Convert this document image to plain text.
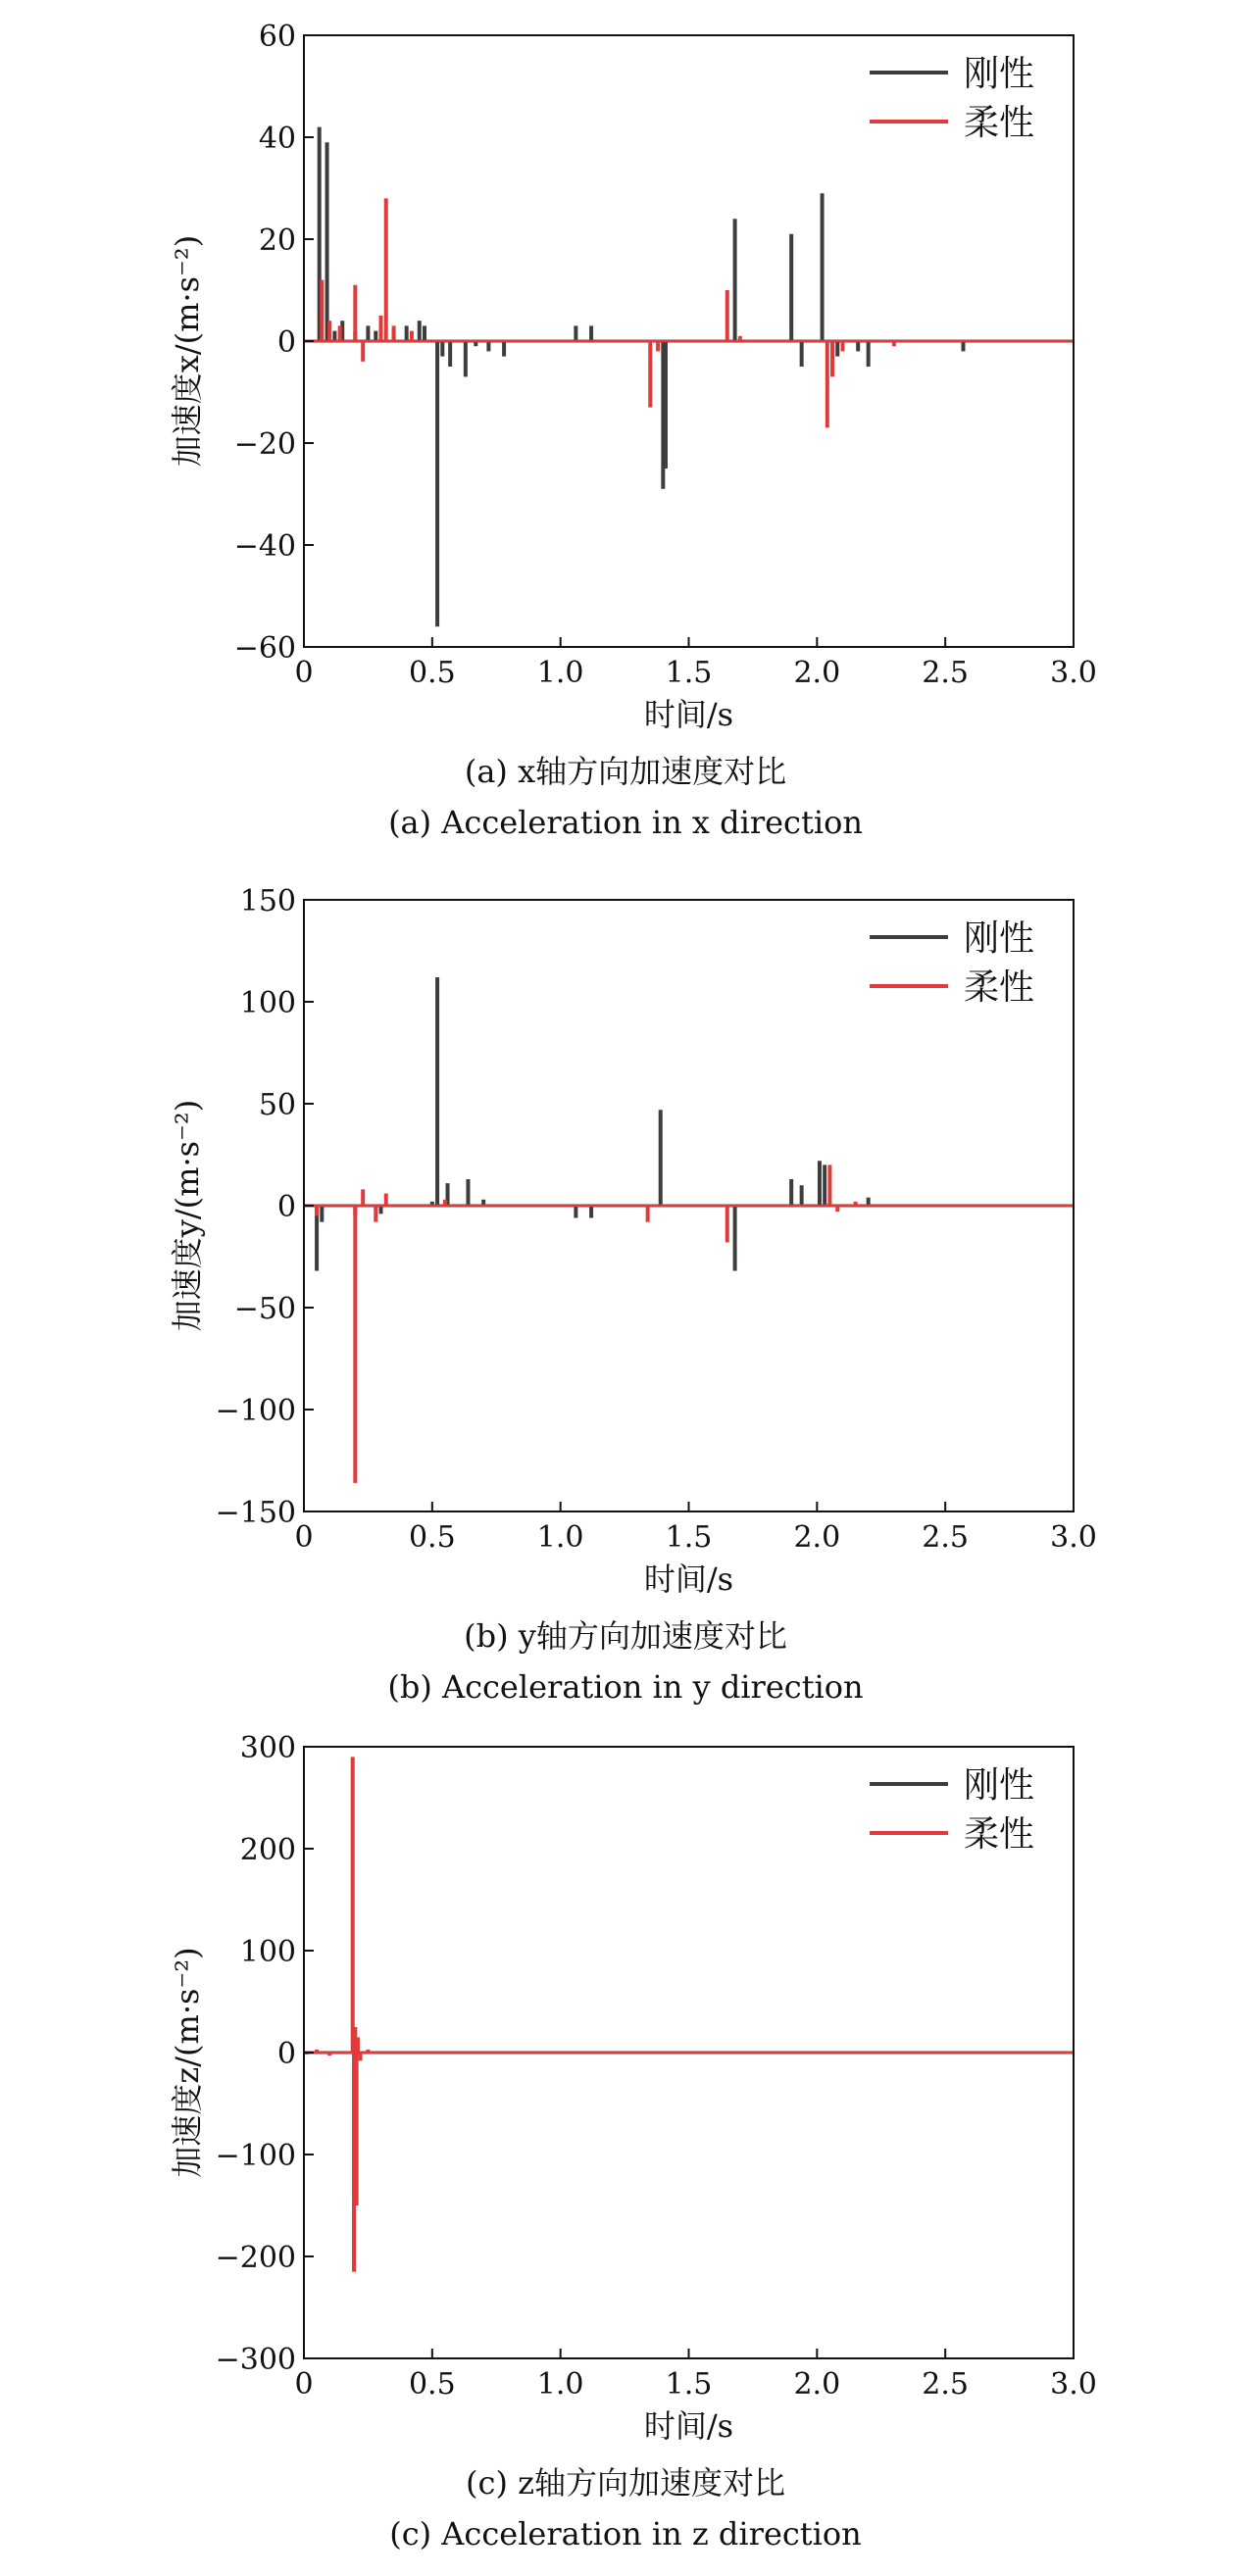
0	0.5	1.0	1.5	2.0	2.5	3.0
60
40
20
0
−20
−40
−60
时间/s
加速度x/(m·s⁻²)
刚性
柔性
(a) x轴方向加速度对比
(a) Acceleration in x direction
0	0.5	1.0	1.5	2.0	2.5	3.0
150
100
50
0
−50
−100
−150
时间/s
加速度y/(m·s⁻²)
刚性
柔性
(b) y轴方向加速度对比
(b) Acceleration in y direction
0	0.5	1.0	1.5	2.0	2.5	3.0
300
200
100
0
−100
−200
−300
时间/s
加速度z/(m·s⁻²)
刚性
柔性
(c) z轴方向加速度对比
(c) Acceleration in z direction
